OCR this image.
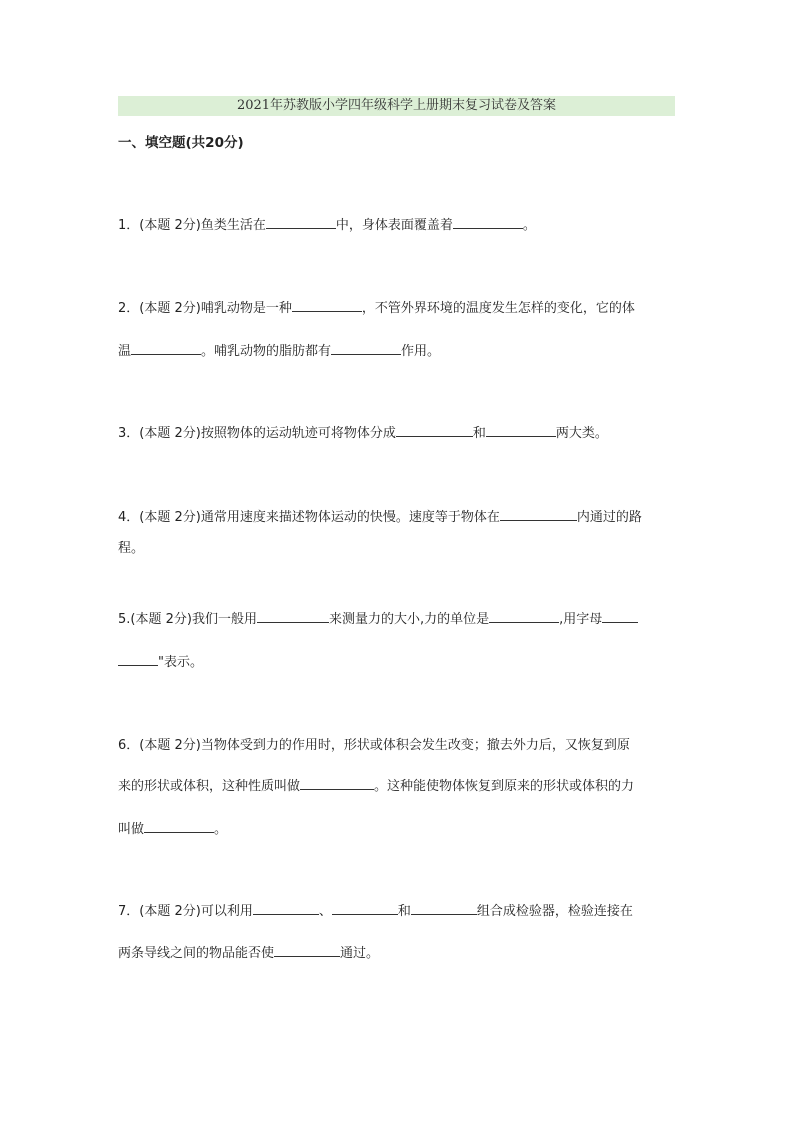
2021年苏教版小学四年级科学上册期末复习试卷及答案
一、填空题(共20分)
1．(本题 2分)鱼类生活在	中，身体表面覆盖着	。
2．(本题 2分)哺乳动物是一种	，不管外界环境的温度发生怎样的变化，它的体
温	。哺乳动物的脂肪都有	作用。
3．(本题 2分)按照物体的运动轨迹可将物体分成	和	两大类。
4．(本题 2分)通常用速度来描述物体运动的快慢。速度等于物体在	内通过的路
程。
5.(本题 2分)我们一般用	来测量力的大小,力的单位是	,用字母
"表示。
6．(本题 2分)当物体受到力的作用时，形状或体积会发生改变；撤去外力后，又恢复到原
来的形状或体积，这种性质叫做	。这种能使物体恢复到原来的形状或体积的力
叫做	。
7．(本题 2分)可以利用	、	和	组合成检验器，检验连接在
两条导线之间的物品能否使	通过。
